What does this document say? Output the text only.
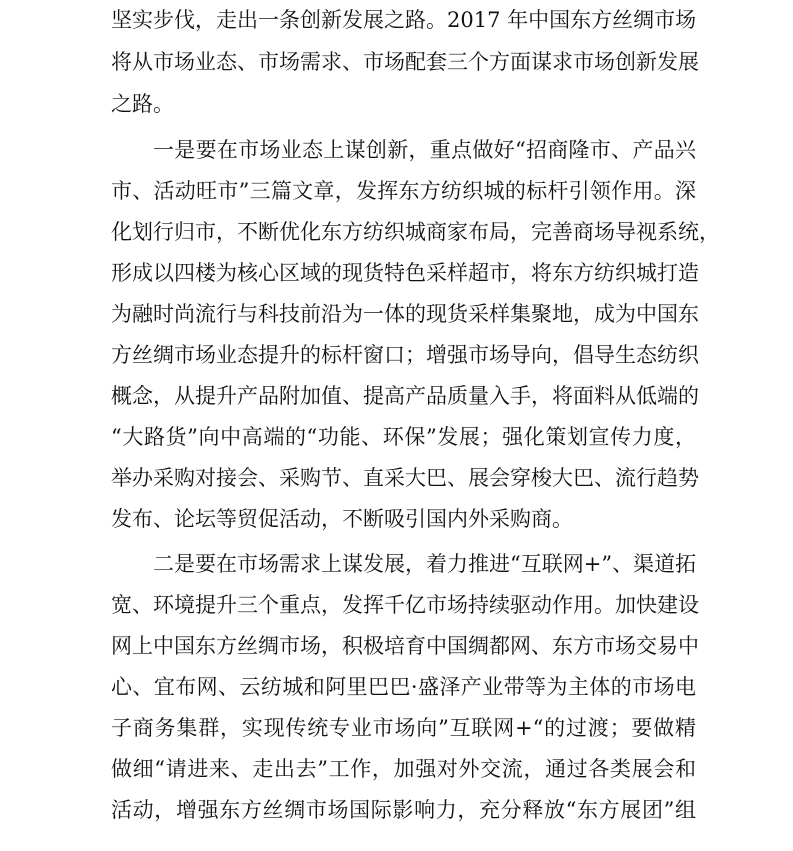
坚实步伐，走出一条创新发展之路。2017 年中国东方丝绸市场
将从市场业态、市场需求、市场配套三个方面谋求市场创新发展
之路。
一是要在市场业态上谋创新，重点做好“招商隆市、产品兴
市、活动旺市”三篇文章，发挥东方纺织城的标杆引领作用。深
化划行归市，不断优化东方纺织城商家布局，完善商场导视系统，
形成以四楼为核心区域的现货特色采样超市，将东方纺织城打造
为融时尚流行与科技前沿为一体的现货采样集聚地，成为中国东
方丝绸市场业态提升的标杆窗口；增强市场导向，倡导生态纺织
概念，从提升产品附加值、提高产品质量入手，将面料从低端的
“大路货”向中高端的“功能、环保”发展；强化策划宣传力度，
举办采购对接会、采购节、直采大巴、展会穿梭大巴、流行趋势
发布、论坛等贸促活动，不断吸引国内外采购商。
二是要在市场需求上谋发展，着力推进“互联网+”、渠道拓
宽、环境提升三个重点，发挥千亿市场持续驱动作用。加快建设
网上中国东方丝绸市场，积极培育中国绸都网、东方市场交易中
心、宜布网、云纺城和阿里巴巴·盛泽产业带等为主体的市场电
子商务集群，实现传统专业市场向”互联网+“的过渡；要做精
做细“请进来、走出去”工作，加强对外交流，通过各类展会和
活动，增强东方丝绸市场国际影响力，充分释放“东方展团”组
